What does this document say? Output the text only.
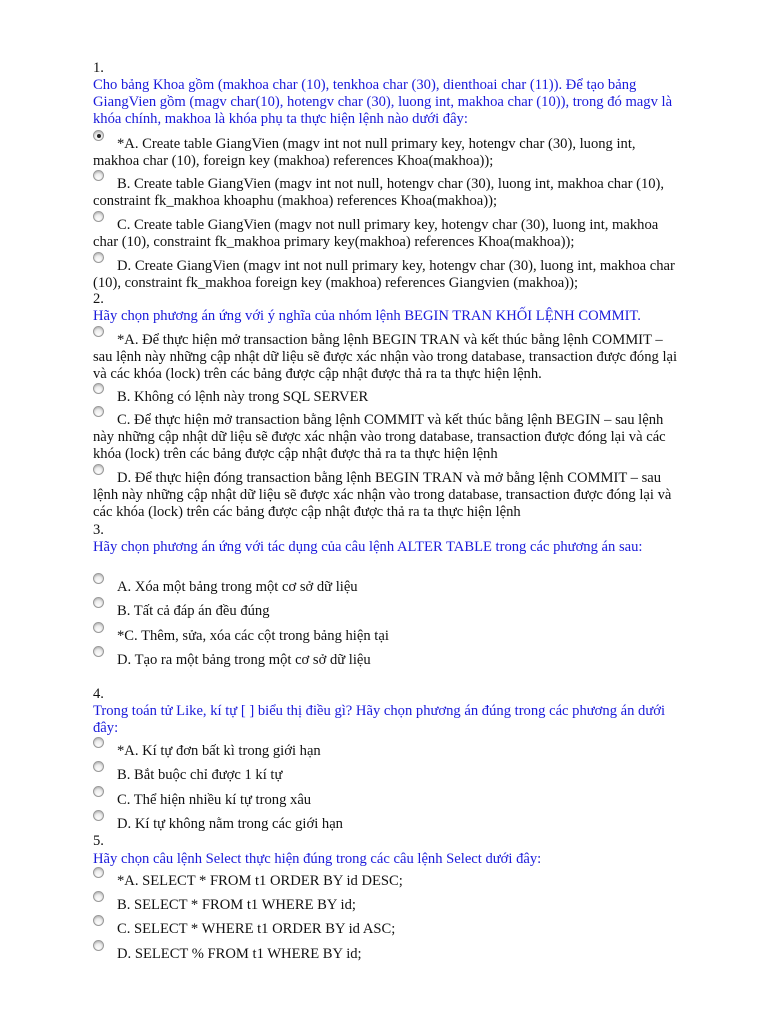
1.
Cho bảng Khoa gồm (makhoa char (10), tenkhoa char (30), dienthoai char (11)). Để tạo bảng GiangVien gồm (magv char(10), hotengv char (30), luong int, makhoa char (10)), trong đó magv là khóa chính, makhoa là khóa phụ ta thực hiện lệnh nào dưới đây:
*A. Create table GiangVien (magv int not null primary key, hotengv char (30), luong int, makhoa char (10), foreign key (makhoa) references Khoa(makhoa));
B. Create table GiangVien (magv int not null, hotengv char (30), luong int, makhoa char (10), constraint fk_makhoa khoaphu (makhoa) references Khoa(makhoa));
C. Create table GiangVien (magv not null primary key, hotengv char (30), luong int, makhoa char (10), constraint fk_makhoa primary key(makhoa) references Khoa(makhoa));
D. Create GiangVien (magv int not null primary key, hotengv char (30), luong int, makhoa char (10), constraint fk_makhoa foreign key (makhoa) references Giangvien (makhoa));
2.
Hãy chọn phương án ứng với ý nghĩa của nhóm lệnh BEGIN TRAN KHỐI LỆNH COMMIT.
*A. Để thực hiện mở transaction bằng lệnh BEGIN TRAN và kết thúc bằng lệnh COMMIT – sau lệnh này những cập nhật dữ liệu sẽ được xác nhận vào trong database, transaction được đóng lại và các khóa (lock) trên các bảng được cập nhật được thả ra ta thực hiện lệnh.
B. Không có lệnh này trong SQL SERVER
C. Để thực hiện mở transaction bằng lệnh COMMIT và kết thúc bằng lệnh BEGIN – sau lệnh này những cập nhật dữ liệu sẽ được xác nhận vào trong database, transaction được đóng lại và các khóa (lock) trên các bảng được cập nhật được thả ra ta thực hiện lệnh
D. Để thực hiện đóng transaction bằng lệnh BEGIN TRAN và mở bằng lệnh COMMIT – sau lệnh này những cập nhật dữ liệu sẽ được xác nhận vào trong database, transaction được đóng lại và các khóa (lock) trên các bảng được cập nhật được thả ra ta thực hiện lệnh
3.
Hãy chọn phương án ứng với tác dụng của câu lệnh ALTER TABLE trong các phương án sau:
A. Xóa một bảng trong một cơ sở dữ liệu
B. Tất cả đáp án đều đúng
*C. Thêm, sửa, xóa các cột trong bảng hiện tại
D. Tạo ra một bảng trong một cơ sở dữ liệu
4.
Trong toán tử Like, kí tự [ ] biểu thị điều gì? Hãy chọn phương án đúng trong các phương án dưới đây:
*A. Kí tự đơn bất kì trong giới hạn
B. Bắt buộc chỉ được 1 kí tự
C. Thể hiện nhiều kí tự trong xâu
D. Kí tự không nằm trong các giới hạn
5.
Hãy chọn câu lệnh Select thực hiện đúng trong các câu lệnh Select dưới đây:
*A. SELECT * FROM t1 ORDER BY id DESC;
B. SELECT * FROM t1 WHERE BY id;
C. SELECT * WHERE t1 ORDER BY id ASC;
D. SELECT % FROM t1 WHERE BY id;
